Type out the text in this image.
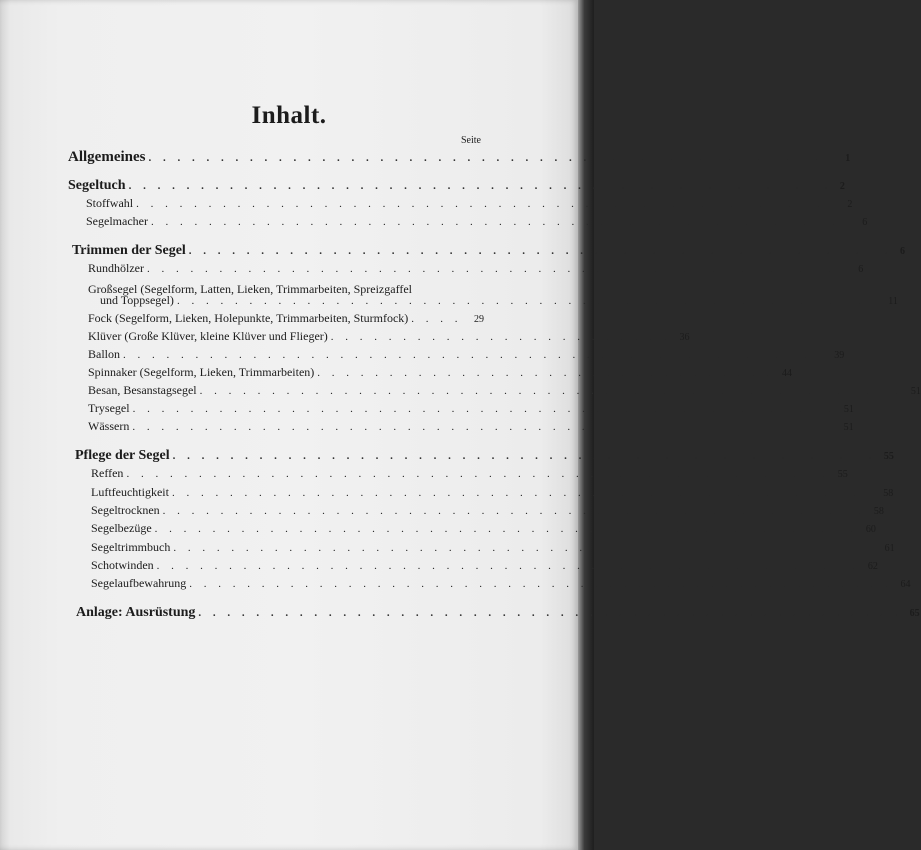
Inhalt.
Seite
Allgemeines . . . . . . . . . . . . . . . . . . . . . . . . . . . . . . . . . . . . . . . . . . . . . . . . 1
Segeltuch . . . . . . . . . . . . . . . . . . . . . . . . . . . . . . . . . . . . . . . . . . . . . . . . . 2
Stoffwahl . . . . . . . . . . . . . . . . . . . . . . . . . . . . . . . . . . . . . . . . . . . . . . . . . 2
Segelmacher . . . . . . . . . . . . . . . . . . . . . . . . . . . . . . . . . . . . . . . . . . . . . . . . . 6
Trimmen der Segel . . . . . . . . . . . . . . . . . . . . . . . . . . . . . . . . . . . . . . . . . . . . . . . . . 6
Rundhölzer . . . . . . . . . . . . . . . . . . . . . . . . . . . . . . . . . . . . . . . . . . . . . . . . . 6
Großsegel (Segelform, Latten, Lieken, Trimmarbeiten, Spreizgaffel
und Toppsegel) . . . . . . . . . . . . . . . . . . . . . . . . . . . . . . . . . . . . . . . . . . . . . . . . . 11
Fock (Segelform, Lieken, Holepunkte, Trimmarbeiten, Sturmfock) . . . .	29
Klüver (Große Klüver, kleine Klüver und Flieger) . . . . . . . . . . . . . . . . . . . . . . . . 36
Ballon . . . . . . . . . . . . . . . . . . . . . . . . . . . . . . . . . . . . . . . . . . . . . . . . . 39
Spinnaker (Segelform, Lieken, Trimmarbeiten) . . . . . . . . . . . . . . . . . . . . . . . . . . . . . . . . 44
Besan, Besanstagsegel . . . . . . . . . . . . . . . . . . . . . . . . . . . . . . . . . . . . . . . . . . . . . . . . . 51
Trysegel . . . . . . . . . . . . . . . . . . . . . . . . . . . . . . . . . . . . . . . . . . . . . . . . . 51
Wässern . . . . . . . . . . . . . . . . . . . . . . . . . . . . . . . . . . . . . . . . . . . . . . . . . 51
Pflege der Segel . . . . . . . . . . . . . . . . . . . . . . . . . . . . . . . . . . . . . . . . . . . . . . . . . 55
Reffen . . . . . . . . . . . . . . . . . . . . . . . . . . . . . . . . . . . . . . . . . . . . . . . . . 55
Luftfeuchtigkeit . . . . . . . . . . . . . . . . . . . . . . . . . . . . . . . . . . . . . . . . . . . . . . . . . 58
Segeltrocknen . . . . . . . . . . . . . . . . . . . . . . . . . . . . . . . . . . . . . . . . . . . . . . . . . 58
Segelbezüge . . . . . . . . . . . . . . . . . . . . . . . . . . . . . . . . . . . . . . . . . . . . . . . . . 60
Segeltrimmbuch . . . . . . . . . . . . . . . . . . . . . . . . . . . . . . . . . . . . . . . . . . . . . . . . . 61
Schotwinden . . . . . . . . . . . . . . . . . . . . . . . . . . . . . . . . . . . . . . . . . . . . . . . . . 62
Segelaufbewahrung . . . . . . . . . . . . . . . . . . . . . . . . . . . . . . . . . . . . . . . . . . . . . . . . . 64
Anlage: Ausrüstung . . . . . . . . . . . . . . . . . . . . . . . . . . . . . . . . . . . . . . . . . . . . . . . . . 65
